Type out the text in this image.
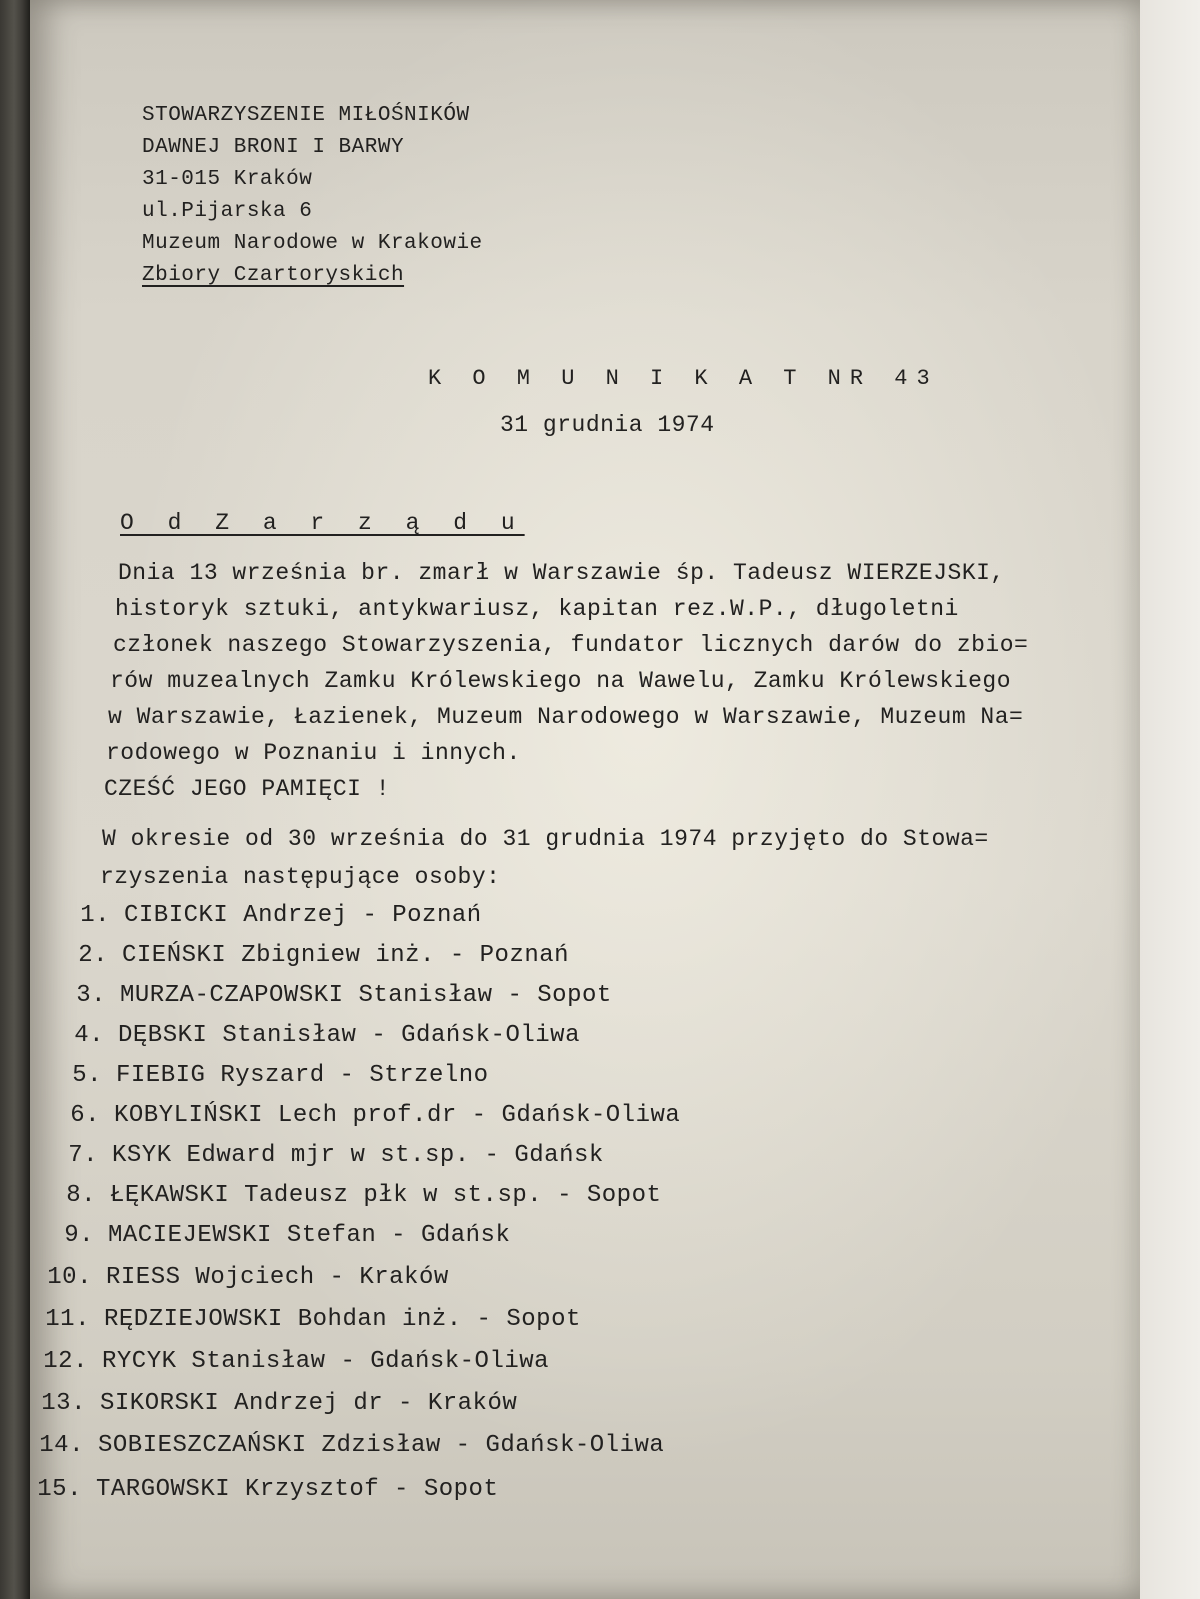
STOWARZYSZENIE MIŁOŚNIKÓW
DAWNEJ BRONI I BARWY
31-015 Kraków
ul.Pijarska 6
Muzeum Narodowe w Krakowie
Zbiory Czartoryskich
K O M U N I K A T NR 43
31 grudnia 1974
O d Z a r z ą d u
Dnia 13 września br. zmarł w Warszawie śp. Tadeusz WIERZEJSKI,
historyk sztuki, antykwariusz, kapitan rez.W.P., długoletni
członek naszego Stowarzyszenia, fundator licznych darów do zbio=
rów muzealnych Zamku Królewskiego na Wawelu, Zamku Królewskiego
w Warszawie, Łazienek, Muzeum Narodowego w Warszawie, Muzeum Na=
rodowego w Poznaniu i innych.
CZEŚĆ JEGO PAMIĘCI !
W okresie od 30 września do 31 grudnia 1974 przyjęto do Stowa=
rzyszenia następujące osoby:
1. CIBICKI Andrzej - Poznań
2. CIEŃSKI Zbigniew inż. - Poznań
3. MURZA-CZAPOWSKI Stanisław - Sopot
4. DĘBSKI Stanisław - Gdańsk-Oliwa
5. FIEBIG Ryszard - Strzelno
6. KOBYLIŃSKI Lech prof.dr - Gdańsk-Oliwa
7. KSYK Edward mjr w st.sp. - Gdańsk
8. ŁĘKAWSKI Tadeusz płk w st.sp. - Sopot
9. MACIEJEWSKI Stefan - Gdańsk
10. RIESS Wojciech - Kraków
11. RĘDZIEJOWSKI Bohdan inż. - Sopot
12. RYCYK Stanisław - Gdańsk-Oliwa
13. SIKORSKI Andrzej dr - Kraków
14. SOBIESZCZAŃSKI Zdzisław - Gdańsk-Oliwa
15. TARGOWSKI Krzysztof - Sopot
